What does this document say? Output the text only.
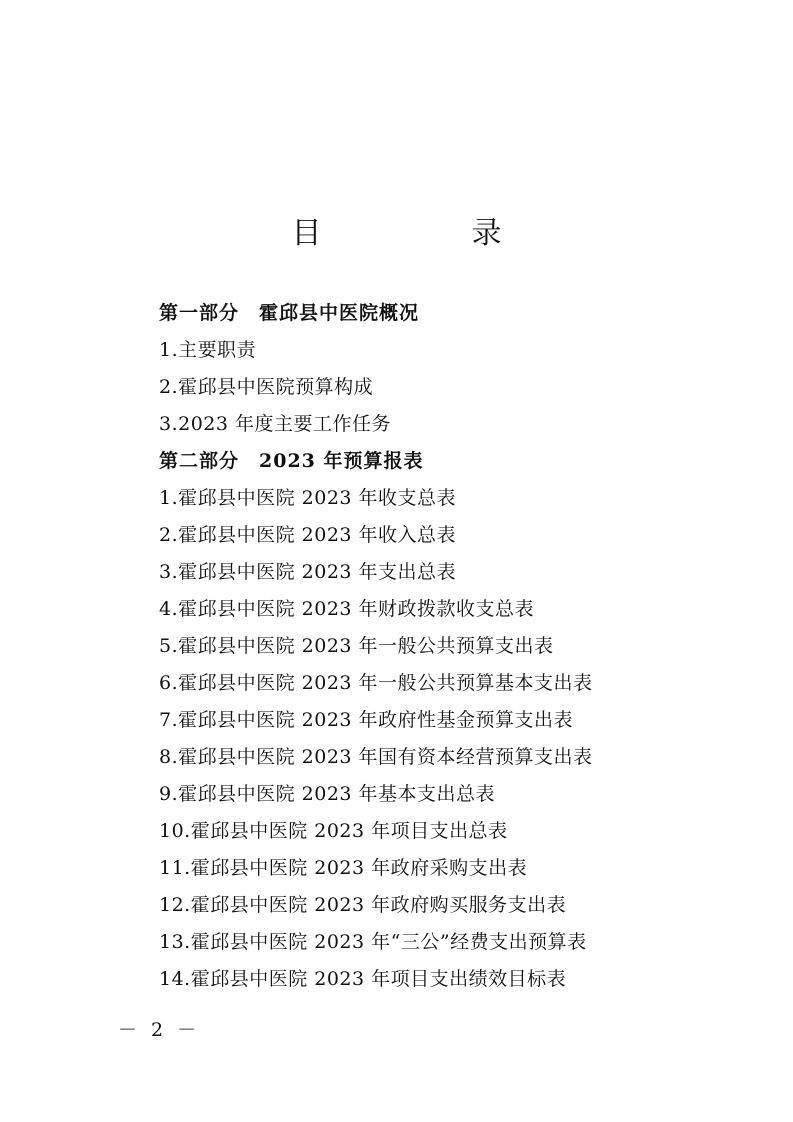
目　录
第一部分　霍邱县中医院概况
1.主要职责
2.霍邱县中医院预算构成
3.2023 年度主要工作任务
第二部分　2023 年预算报表
1.霍邱县中医院 2023 年收支总表
2.霍邱县中医院 2023 年收入总表
3.霍邱县中医院 2023 年支出总表
4.霍邱县中医院 2023 年财政拨款收支总表
5.霍邱县中医院 2023 年一般公共预算支出表
6.霍邱县中医院 2023 年一般公共预算基本支出表
7.霍邱县中医院 2023 年政府性基金预算支出表
8.霍邱县中医院 2023 年国有资本经营预算支出表
9.霍邱县中医院 2023 年基本支出总表
10.霍邱县中医院 2023 年项目支出总表
11.霍邱县中医院 2023 年政府采购支出表
12.霍邱县中医院 2023 年政府购买服务支出表
13.霍邱县中医院 2023 年“三公”经费支出预算表
14.霍邱县中医院 2023 年项目支出绩效目标表
－ 2 －
